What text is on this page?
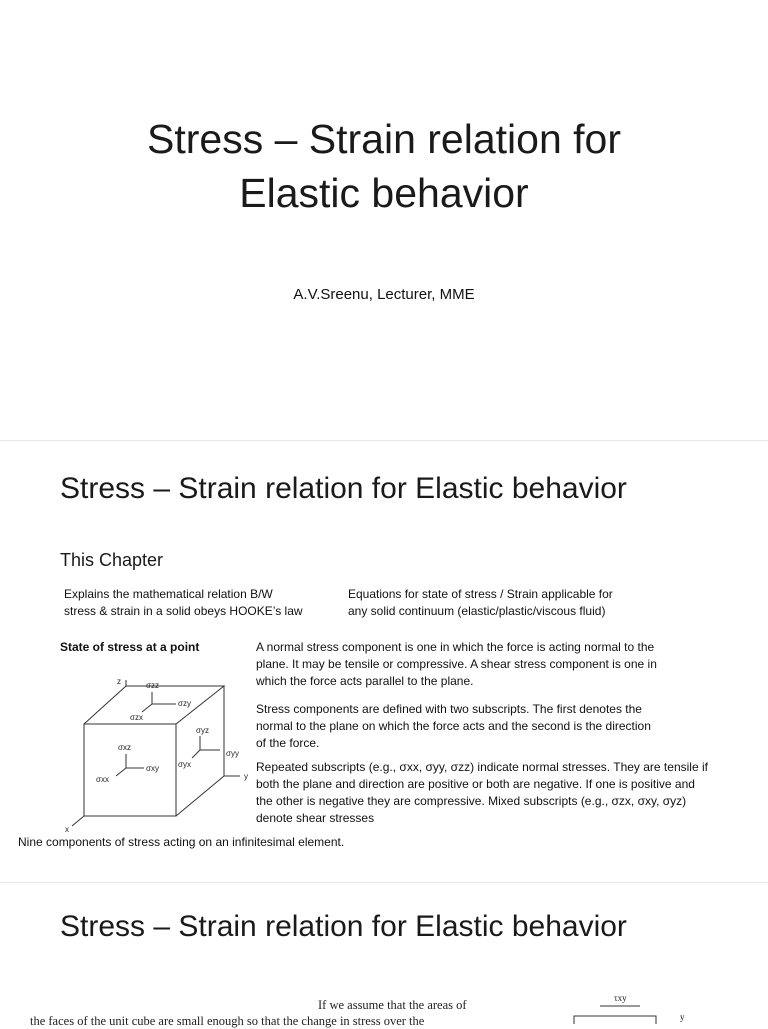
Stress – Strain relation for
Elastic behavior
A.V.Sreenu, Lecturer, MME
Stress – Strain relation for Elastic behavior
This Chapter
Explains the mathematical relation B/W
stress & strain in a solid obeys HOOKE’s law
Equations for state of stress / Strain applicable for
any solid continuum (elastic/plastic/viscous fluid)
State of stress at a point	A normal stress component is one in which the force is acting normal to the
plane. It may be tensile or compressive. A shear stress component is one in
which the force acts parallel to the plane.
Stress components are defined with two subscripts. The first denotes the
normal to the plane on which the force acts and the second is the direction
of the force.
Repeated subscripts (e.g., σxx, σyy, σzz) indicate normal stresses. They are tensile if
both the plane and direction are positive or both are negative. If one is positive and
the other is negative they are compressive. Mixed subscripts (e.g., σzx, σxy, σyz)
denote shear stresses
z
y
x
σzz
σzy
σzx
σyz
σyy
σyx
σxz
σxy
σxx
Nine components of stress acting on an infinitesimal element.
Stress – Strain relation for Elastic behavior
If we assume that the areas of
the faces of the unit cube are small enough so that the change in stress over the
τxy
y
